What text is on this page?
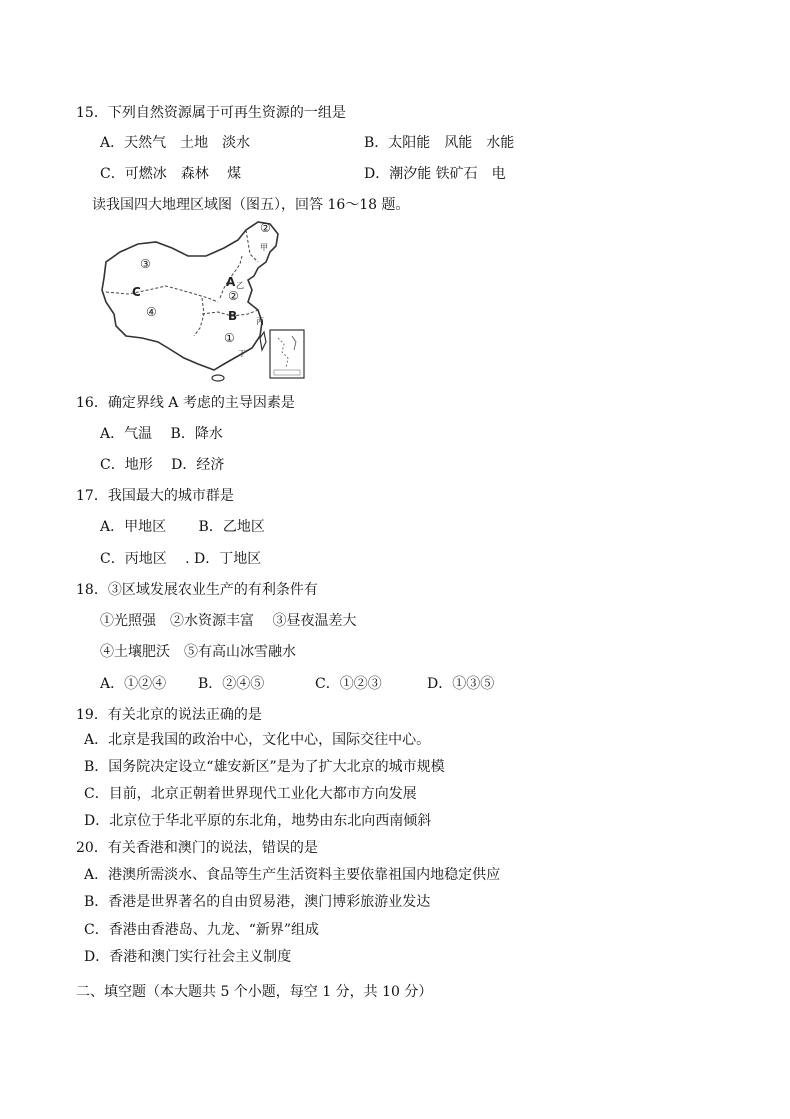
15．下列自然资源属于可再生资源的一组是
A．天然气　土地　淡水	B．太阳能　风能　水能
C．可燃冰　森林　 煤	D．潮汐能 铁矿石　电
读我国四大地理区域图（图五），回答 16～18 题。
③
C
④
②
A
②
B
①
甲
乙
丙
丁
16．确定界线 A 考虑的主导因素是
A．气温　 B．降水
C．地形　 D．经济
17．我国最大的城市群是
A．甲地区　　 B．乙地区
C．丙地区　 . D．丁地区
18．③区域发展农业生产的有利条件有
①光照强　②水资源丰富　 ③昼夜温差大
④土壤肥沃　⑤有高山冰雪融水
A．①②④ B．②④⑤	C．①②③	D．①③⑤
19．有关北京的说法正确的是
A．北京是我国的政治中心，文化中心，国际交往中心。
B．国务院决定设立“雄安新区”是为了扩大北京的城市规模
C．目前，北京正朝着世界现代工业化大都市方向发展
D．北京位于华北平原的东北角，地势由东北向西南倾斜
20．有关香港和澳门的说法，错误的是
A．港澳所需淡水、食品等生产生活资料主要依靠祖国内地稳定供应
B．香港是世界著名的自由贸易港，澳门博彩旅游业发达
C．香港由香港岛、九龙、“新界”组成
D．香港和澳门实行社会主义制度
二、填空题（本大题共 5 个小题，每空 1 分，共 10 分）
